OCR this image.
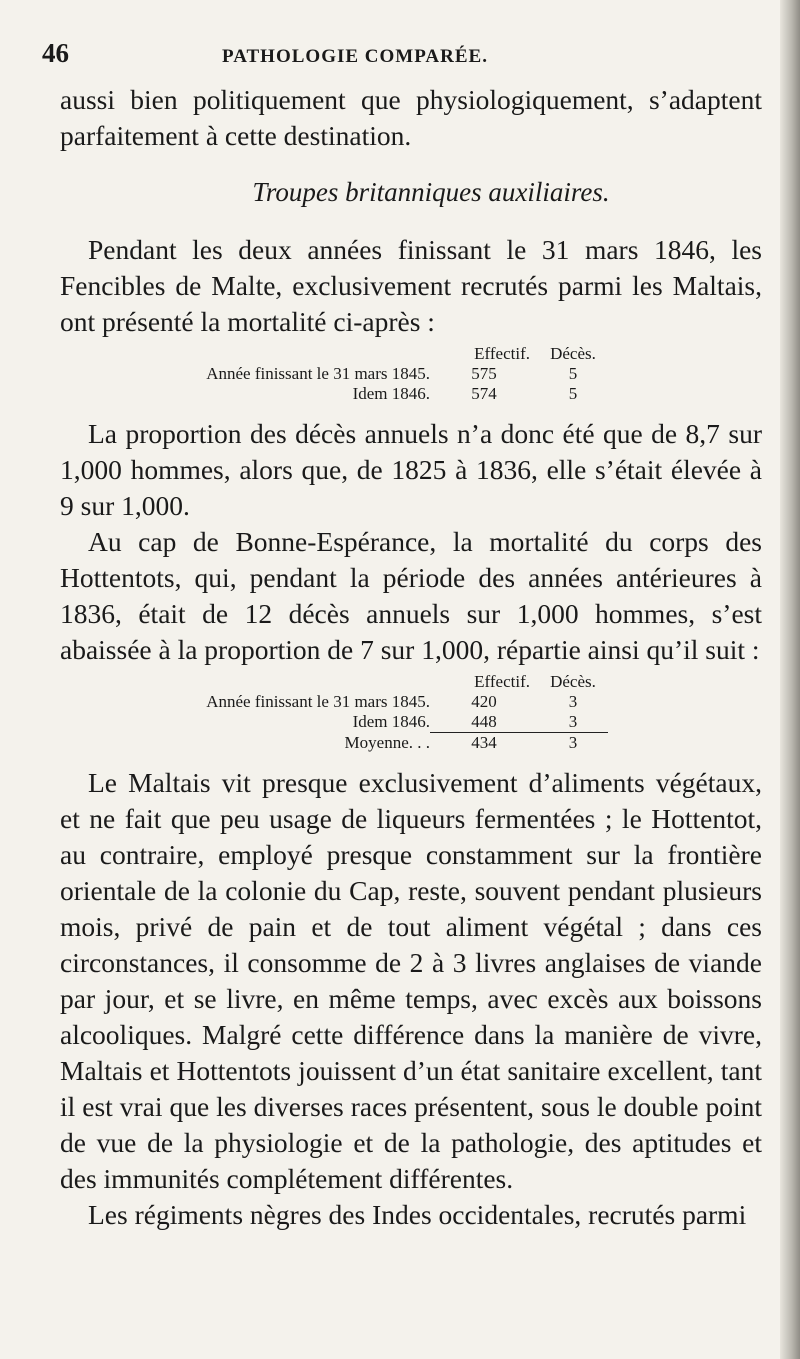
46	PATHOLOGIE COMPARÉE.

aussi bien politiquement que physiologiquement, s’adaptent parfaitement à cette destination.

Troupes britanniques auxiliaires.

Pendant les deux années finissant le 31 mars 1846, les Fencibles de Malte, exclusivement recrutés parmi les Maltais, ont présenté la mortalité ci-après :

	Effectif.	Décès.
Année finissant le 31 mars 1845.	575	5
Idem 1846.	574	5

La proportion des décès annuels n’a donc été que de 8,7 sur 1,000 hommes, alors que, de 1825 à 1836, elle s’était élevée à 9 sur 1,000.

Au cap de Bonne-Espérance, la mortalité du corps des Hottentots, qui, pendant la période des années antérieures à 1836, était de 12 décès annuels sur 1,000 hommes, s’est abaissée à la proportion de 7 sur 1,000, répartie ainsi qu’il suit :

	Effectif.	Décès.
Année finissant le 31 mars 1845.	420	3
Idem 1846.	448	3
Moyenne. . .	434	3

Le Maltais vit presque exclusivement d’aliments végétaux, et ne fait que peu usage de liqueurs fermentées ; le Hottentot, au contraire, employé presque constamment sur la frontière orientale de la colonie du Cap, reste, souvent pendant plusieurs mois, privé de pain et de tout aliment végétal ; dans ces circonstances, il consomme de 2 à 3 livres anglaises de viande par jour, et se livre, en même temps, avec excès aux boissons alcooliques. Malgré cette différence dans la manière de vivre, Maltais et Hottentots jouissent d’un état sanitaire excellent, tant il est vrai que les diverses races présentent, sous le double point de vue de la physiologie et de la pathologie, des aptitudes et des immunités complétement différentes.

Les régiments nègres des Indes occidentales, recrutés parmi
